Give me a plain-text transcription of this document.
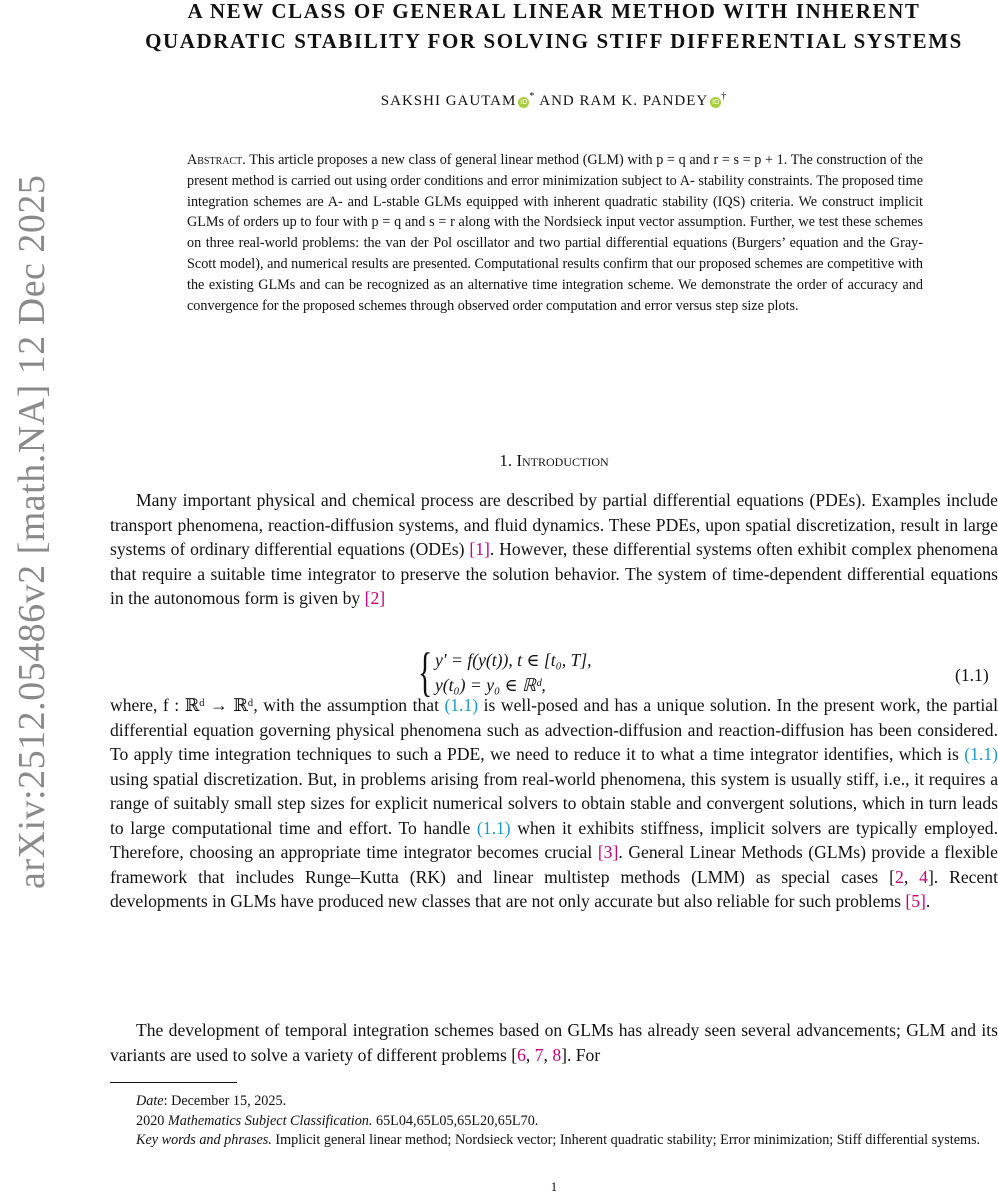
arXiv:2512.05486v2 [math.NA] 12 Dec 2025
A NEW CLASS OF GENERAL LINEAR METHOD WITH INHERENT
QUADRATIC STABILITY FOR SOLVING STIFF DIFFERENTIAL SYSTEMS
SAKSHI GAUTAM iD * AND RAM K. PANDEY iD †
Abstract. This article proposes a new class of general linear method (GLM) with p = q and r = s = p + 1. The construction of the present method is carried out using order conditions and error minimization subject to A- stability constraints. The proposed time integration schemes are A- and L-stable GLMs equipped with inherent quadratic stability (IQS) criteria. We construct implicit GLMs of orders up to four with p = q and s = r along with the Nordsieck input vector assumption. Further, we test these schemes on three real-world problems: the van der Pol oscillator and two partial differential equations (Burgers’ equation and the Gray-Scott model), and numerical results are presented. Computational results confirm that our proposed schemes are competitive with the existing GLMs and can be recognized as an alternative time integration scheme. We demonstrate the order of accuracy and convergence for the proposed schemes through observed order computation and error versus step size plots.
1. Introduction
Many important physical and chemical process are described by partial differential equations (PDEs). Examples include transport phenomena, reaction-diffusion systems, and fluid dynamics. These PDEs, upon spatial discretization, result in large systems of ordinary differential equations (ODEs) [1]. However, these differential systems often exhibit complex phenomena that require a suitable time integrator to preserve the solution behavior. The system of time-dependent differential equations in the autonomous form is given by [2]
{ y′ = f(y(t)), t ∈ [t₀, T],
y(t₀) = y₀ ∈ ℝᵈ,	(1.1)
where, f : ℝᵈ → ℝᵈ, with the assumption that (1.1) is well-posed and has a unique solution. In the present work, the partial differential equation governing physical phenomena such as advection-diffusion and reaction-diffusion has been considered. To apply time integration techniques to such a PDE, we need to reduce it to what a time integrator identifies, which is (1.1) using spatial discretization. But, in problems arising from real-world phenomena, this system is usually stiff, i.e., it requires a range of suitably small step sizes for explicit numerical solvers to obtain stable and convergent solutions, which in turn leads to large computational time and effort. To handle (1.1) when it exhibits stiffness, implicit solvers are typically employed. Therefore, choosing an appropriate time integrator becomes crucial [3]. General Linear Methods (GLMs) provide a flexible framework that includes Runge–Kutta (RK) and linear multistep methods (LMM) as special cases [2, 4]. Recent developments in GLMs have produced new classes that are not only accurate but also reliable for such problems [5].
The development of temporal integration schemes based on GLMs has already seen several advancements; GLM and its variants are used to solve a variety of different problems [6, 7, 8]. For
Date: December 15, 2025.
2020 Mathematics Subject Classification. 65L04,65L05,65L20,65L70.
Key words and phrases. Implicit general linear method; Nordsieck vector; Inherent quadratic stability; Error minimization; Stiff differential systems.
1
